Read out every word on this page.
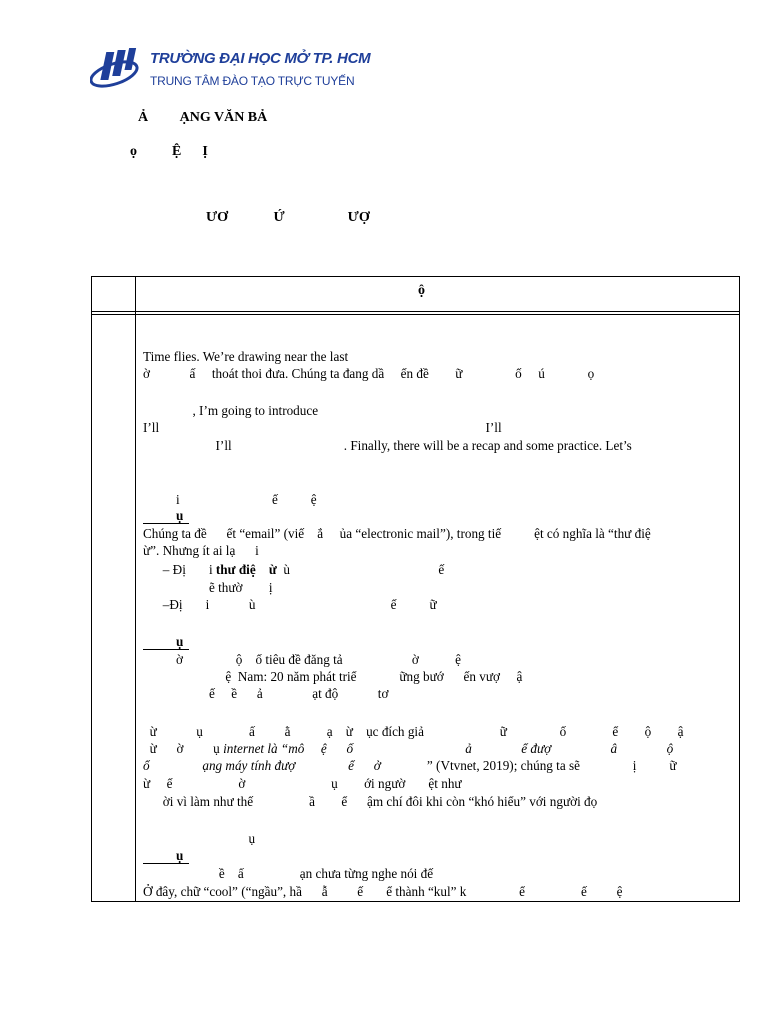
TRƯỜNG ĐẠI HỌC MỞ TP. HCM
TRUNG TÂM ĐÀO TẠO TRỰC TUYẾN
Ả         ẠNG VĂN BẢ
ọ          Ệ      Ị
ƯƠ             Ứ                  ƯỢ
ộ
Time flies. We’re drawing near the last
ờ            ấ     thoát thoi đưa. Chúng ta đang dầ     ến đề        ữ                ố     ú             ọ
, I’m going to introduce
I’ll                                                                                                   I’ll
I’ll                                  . Finally, there will be a recap and some practice. Let’s
i                            ế          ệ
ụ
Chúng ta đề      ết “email” (viế    ắ     ủa “electronic mail”), trong tiế          ệt có nghĩa là “thư điệ
ừ”. Nhưng ít ai lạ      i
– Đị       i thư điệ    ừ  ù                                             ế
ẽ thườ        ị
–Đị       i            ù                                         ế          ữ
ụ
ờ                ộ    ố tiêu đề đăng tả                     ờ           ệ
ệ  Nam: 20 năm phát triể             ững bướ      ến vượ     ậ
ế     ề      ả               ạt độ            tơ
ừ            ụ              ấ         ằ           ạ    ừ    ục đích giả                       ữ                ố              ể        ộ        ậ
ừ      ờ         ụ internet là “mô     ệ      ố                                  ả               ể đượ                  â               ộ
ổ                ạng máy tính đượ                ể      ở              ” (Vtvnet, 2019); chúng ta sẽ                ị          ữ
ừ     ế                    ờ                          ụ        ới ngườ       ệt như
ời vì làm như thế                 ầ        ể      ậm chí đôi khi còn “khó hiểu” với người đọ
ụ
ụ
ề    ấ                 ạn chưa từng nghe nói đế
Ở đây, chữ “cool” (“ngầu”, hầ      ẫ         ế       ể thành “kul” k                ể                 ế         ệ
